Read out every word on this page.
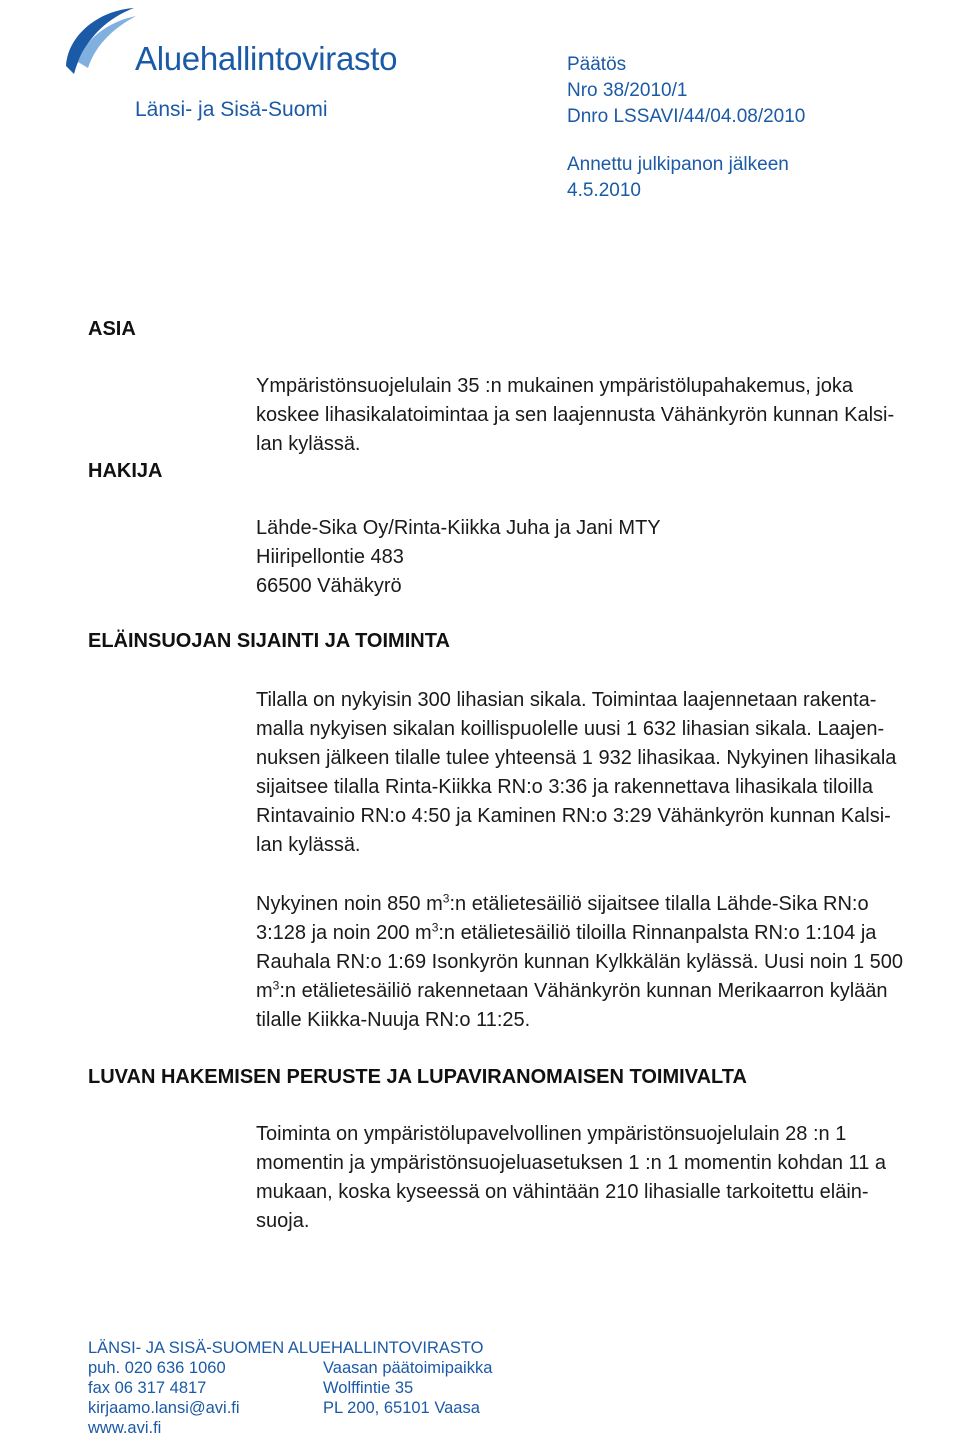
Aluehallintovirasto
Länsi- ja Sisä-Suomi
Päätös
Nro 38/2010/1
Dnro LSSAVI/44/04.08/2010
Annettu julkipanon jälkeen
4.5.2010
ASIA
Ympäristönsuojelulain 35 :n mukainen ympäristölupahakemus, joka
koskee lihasikalatoimintaa ja sen laajennusta Vähänkyrön kunnan Kalsi-
lan kylässä.
HAKIJA
Lähde-Sika Oy/Rinta-Kiikka Juha ja Jani MTY
Hiiripellontie 483
66500 Vähäkyrö
ELÄINSUOJAN SIJAINTI JA TOIMINTA
Tilalla on nykyisin 300 lihasian sikala. Toimintaa laajennetaan rakenta-
malla nykyisen sikalan koillispuolelle uusi 1 632 lihasian sikala. Laajen-
nuksen jälkeen tilalle tulee yhteensä 1 932 lihasikaa. Nykyinen lihasikala
sijaitsee tilalla Rinta-Kiikka RN:o 3:36 ja rakennettava lihasikala tiloilla
Rintavainio RN:o 4:50 ja Kaminen RN:o 3:29 Vähänkyrön kunnan Kalsi-
lan kylässä.
Nykyinen noin 850 $m^3:n$ etälietesäiliö sijaitsee tilalla Lähde-Sika RN:o
3:128 ja noin 200 $m^3:n$ etälietesäiliö tiloilla Rinnanpalsta RN:o 1:104 ja
Rauhala RN:o 1:69 Isonkyrön kunnan Kylkkälän kylässä. Uusi noin 1 500
$m^3:n$ etälietesäiliö rakennetaan Vähänkyrön kunnan Merikaarron kylään
tilalle Kiikka-Nuuja RN:o 11:25.
LUVAN HAKEMISEN PERUSTE JA LUPAVIRANOMAISEN TOIMIVALTA
Toiminta on ympäristölupavelvollinen ympäristönsuojelulain 28 :n 1
momentin ja ympäristönsuojeluasetuksen 1 :n 1 momentin kohdan 11 a
mukaan, koska kyseessä on vähintään 210 lihasialle tarkoitettu eläin-
suoja.
LÄNSI- JA SISÄ-SUOMEN ALUEHALLINTOVIRASTO
puh. 020 636 1060
fax 06 317 4817
kirjaamo.lansi@avi.fi
www.avi.fi
Vaasan päätoimipaikka
Wolffintie 35
PL 200, 65101 Vaasa
